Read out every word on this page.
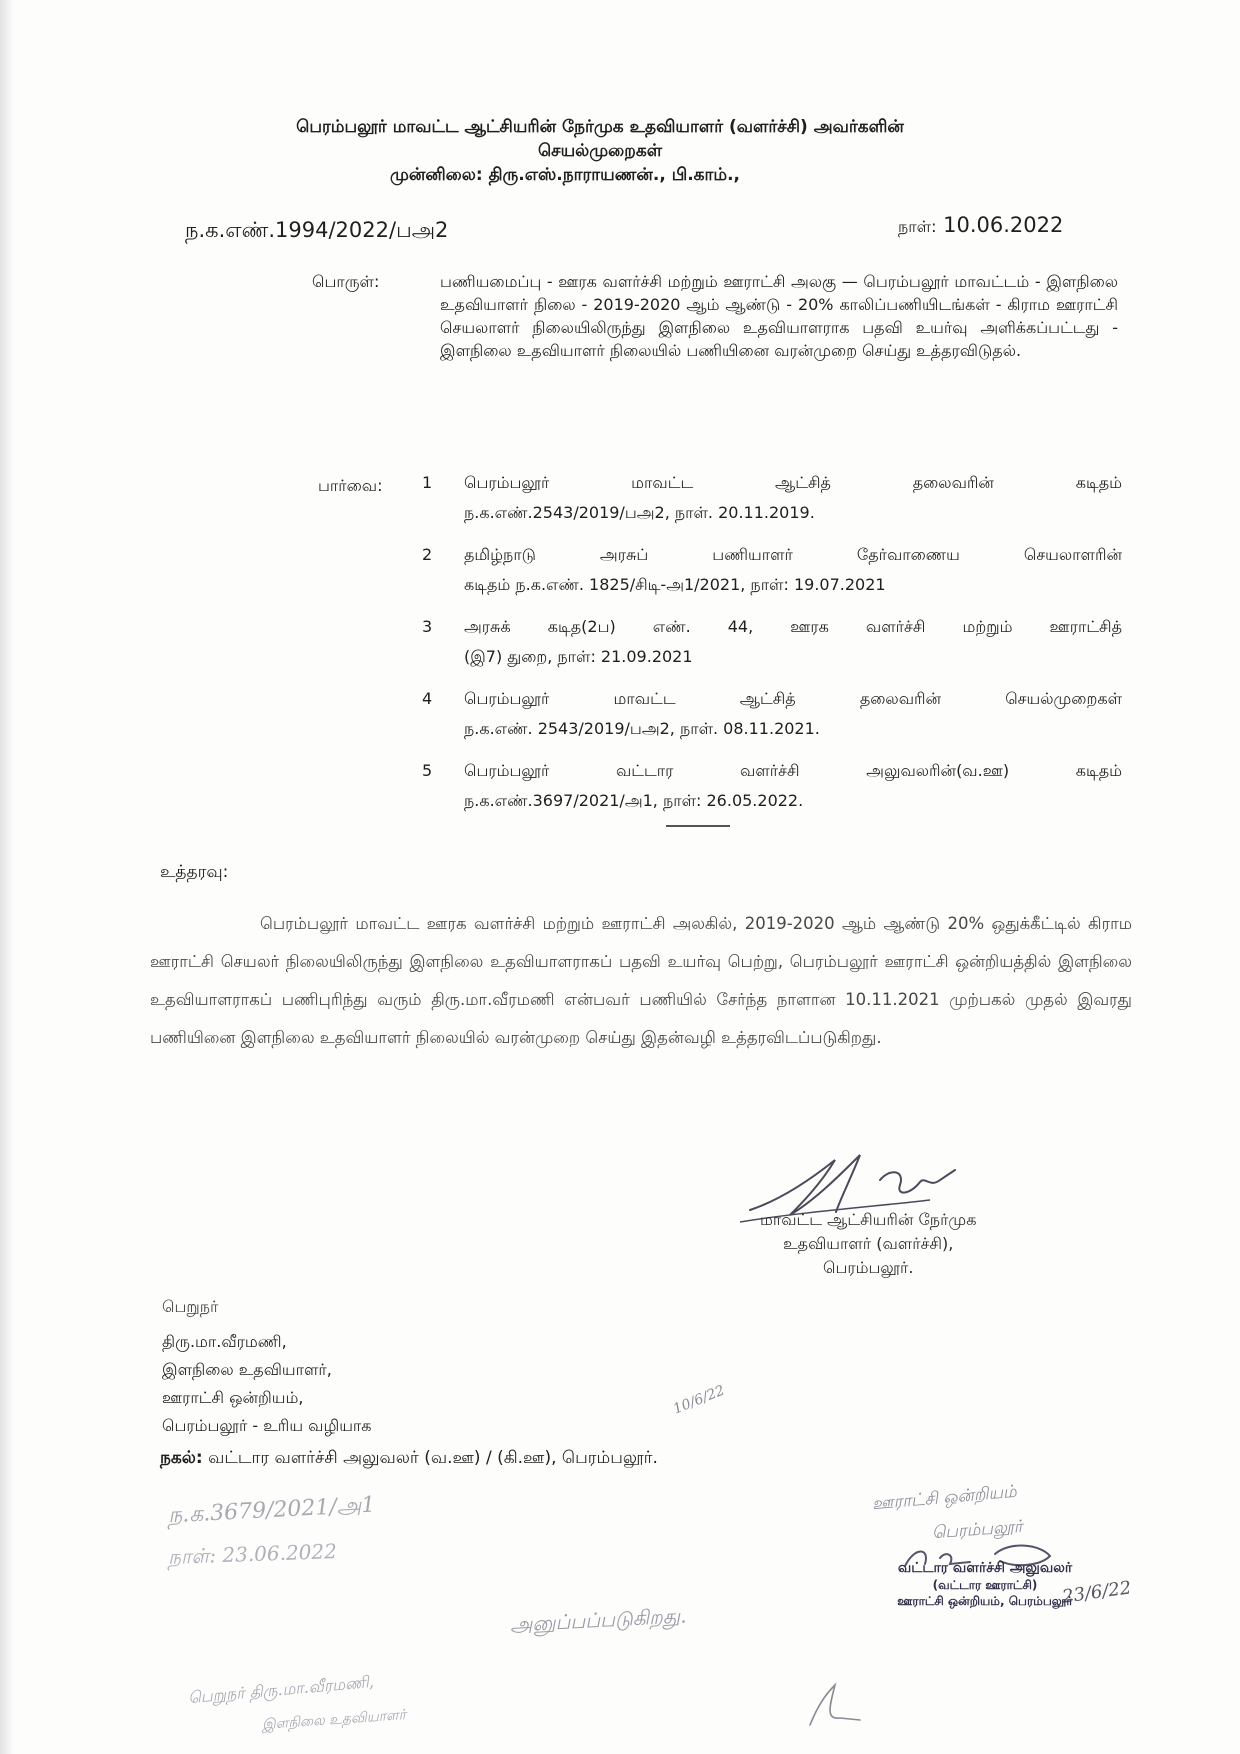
பெரம்பலூர் மாவட்ட ஆட்சியரின் நேர்முக உதவியாளர் (வளர்ச்சி) அவர்களின்
செயல்முறைகள்
முன்னிலை: திரு.எஸ்.நாராயணன்., பி.காம்.,
ந.க.எண்.1994/2022/பஅ2	நாள்: 10.06.2022
பொருள்:	பணியமைப்பு - ஊரக வளர்ச்சி மற்றும் ஊராட்சி அலகு — பெரம்பலூர் மாவட்டம் - இளநிலை உதவியாளர் நிலை - 2019-2020 ஆம் ஆண்டு - 20% காலிப்பணியிடங்கள் - கிராம ஊராட்சி செயலாளர் நிலையிலிருந்து இளநிலை உதவியாளராக பதவி உயர்வு அளிக்கப்பட்டது - இளநிலை உதவியாளர் நிலையில் பணியினை வரன்முறை செய்து உத்தரவிடுதல்.
பார்வை: 1 பெரம்பலூர் மாவட்ட ஆட்சித் தலைவரின் கடிதம்
ந.க.எண்.2543/2019/பஅ2, நாள். 20.11.2019.
2 தமிழ்நாடு அரசுப் பணியாளர் தேர்வாணைய செயலாளரின்
கடிதம் ந.க.எண். 1825/சிடி-அ1/2021, நாள்: 19.07.2021
3 அரசுக் கடித(2ப) எண். 44, ஊரக வளர்ச்சி மற்றும் ஊராட்சித்
(இ7) துறை, நாள்: 21.09.2021
4 பெரம்பலூர் மாவட்ட ஆட்சித் தலைவரின் செயல்முறைகள்
ந.க.எண். 2543/2019/பஅ2, நாள். 08.11.2021.
5 பெரம்பலூர் வட்டார வளர்ச்சி அலுவலரின்(வ.ஊ) கடிதம்
ந.க.எண்.3697/2021/அ1, நாள்: 26.05.2022.
உத்தரவு:
பெரம்பலூர் மாவட்ட ஊரக வளர்ச்சி மற்றும் ஊராட்சி அலகில், 2019-2020 ஆம் ஆண்டு 20% ஒதுக்கீட்டில் கிராம ஊராட்சி செயலர் நிலையிலிருந்து இளநிலை உதவியாளராகப் பதவி உயர்வு பெற்று, பெரம்பலூர் ஊராட்சி ஒன்றியத்தில் இளநிலை உதவியாளராகப் பணிபுரிந்து வரும் திரு.மா.வீரமணி என்பவர் பணியில் சேர்ந்த நாளான 10.11.2021 முற்பகல் முதல் இவரது பணியினை இளநிலை உதவியாளர் நிலையில் வரன்முறை செய்து இதன்வழி உத்தரவிடப்படுகிறது.
மாவட்ட ஆட்சியரின் நேர்முக
உதவியாளர் (வளர்ச்சி),
பெரம்பலூர்.
பெறுநர்
திரு.மா.வீரமணி,
இளநிலை உதவியாளர்,
ஊராட்சி ஒன்றியம்,
பெரம்பலூர் - உரிய வழியாக
நகல்: வட்டார வளர்ச்சி அலுவலர் (வ.ஊ) / (கி.ஊ), பெரம்பலூர்.
10/6/22
ந.க.3679/2021/அ1
நாள்: 23.06.2022
ஊராட்சி ஒன்றியம்
பெரம்பலூர்
அனுப்பப்படுகிறது.
23/6/22
பெறுநர் திரு.மா.வீரமணி,
இளநிலை உதவியாளர்
வட்டார வளர்ச்சி அலுவலர்
(வட்டார ஊராட்சி)
ஊராட்சி ஒன்றியம், பெரம்பலூர்
